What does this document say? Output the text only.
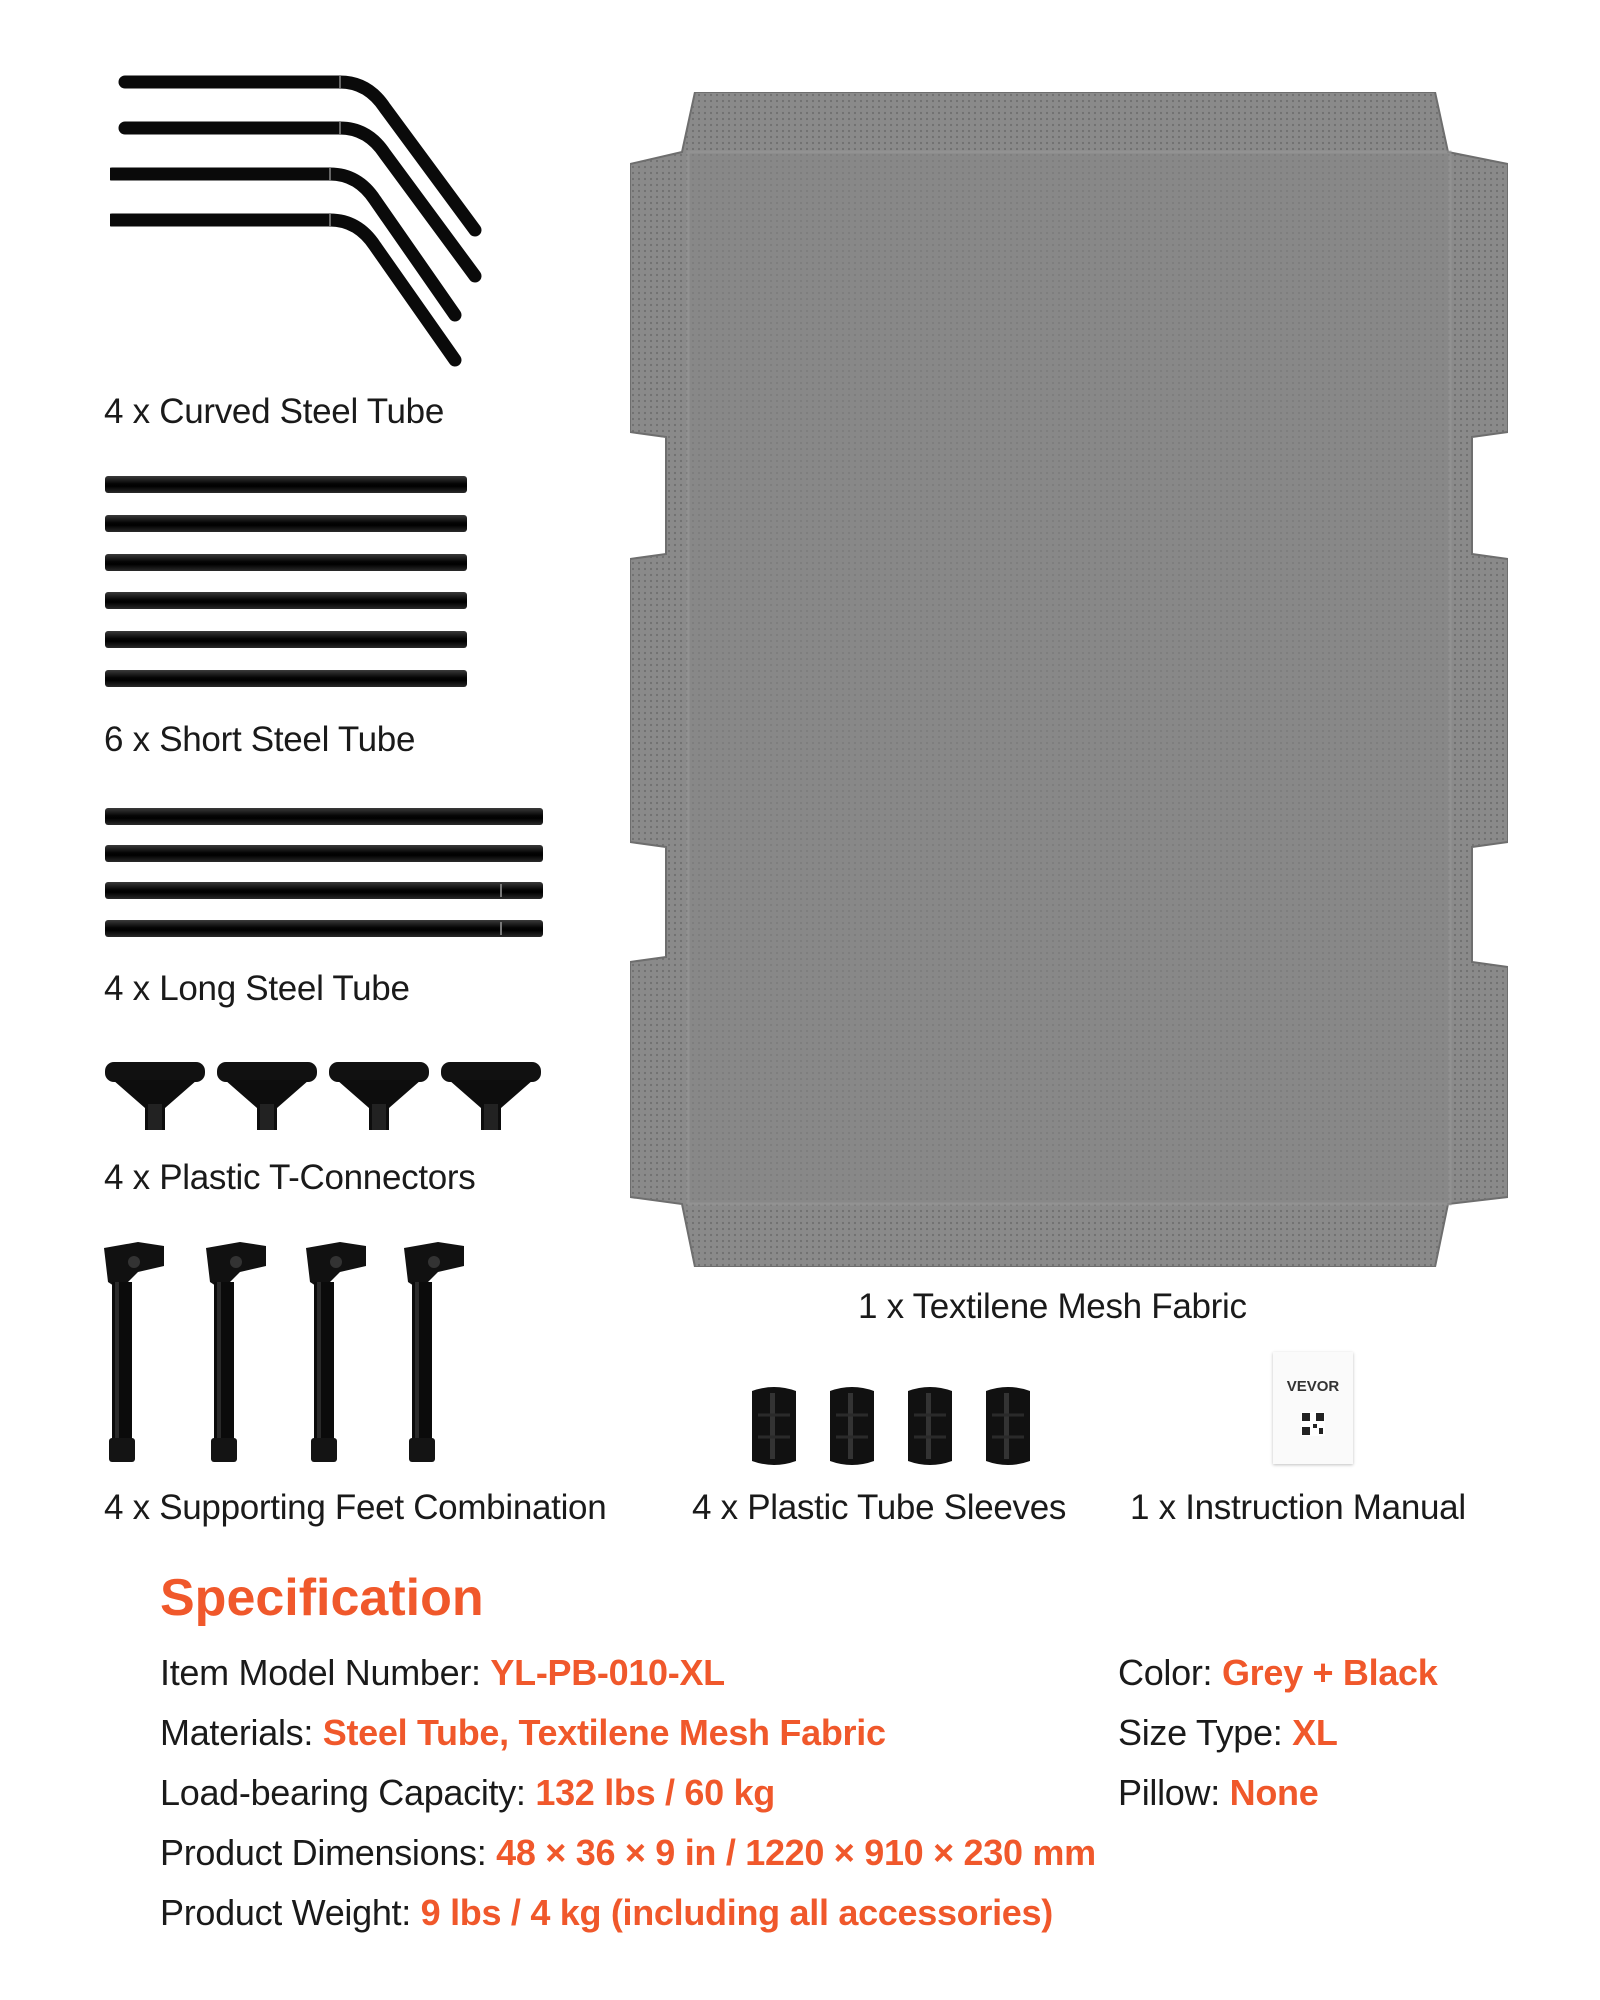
4 x Curved Steel Tube
6 x Short Steel Tube
4 x Long Steel Tube
4 x Plastic T-Connectors
4 x Supporting Feet Combination
1 x Textilene Mesh Fabric
4 x Plastic Tube Sleeves
VEVOR
1 x Instruction Manual
Specification
Item Model Number: YL-PB-010-XL
Materials: Steel Tube, Textilene Mesh Fabric
Load-bearing Capacity: 132 lbs / 60 kg
Product Dimensions: 48 × 36 × 9 in / 1220 × 910 × 230 mm
Product Weight: 9 lbs / 4 kg (including all accessories)
Color: Grey + Black
Size Type: XL
Pillow: None
